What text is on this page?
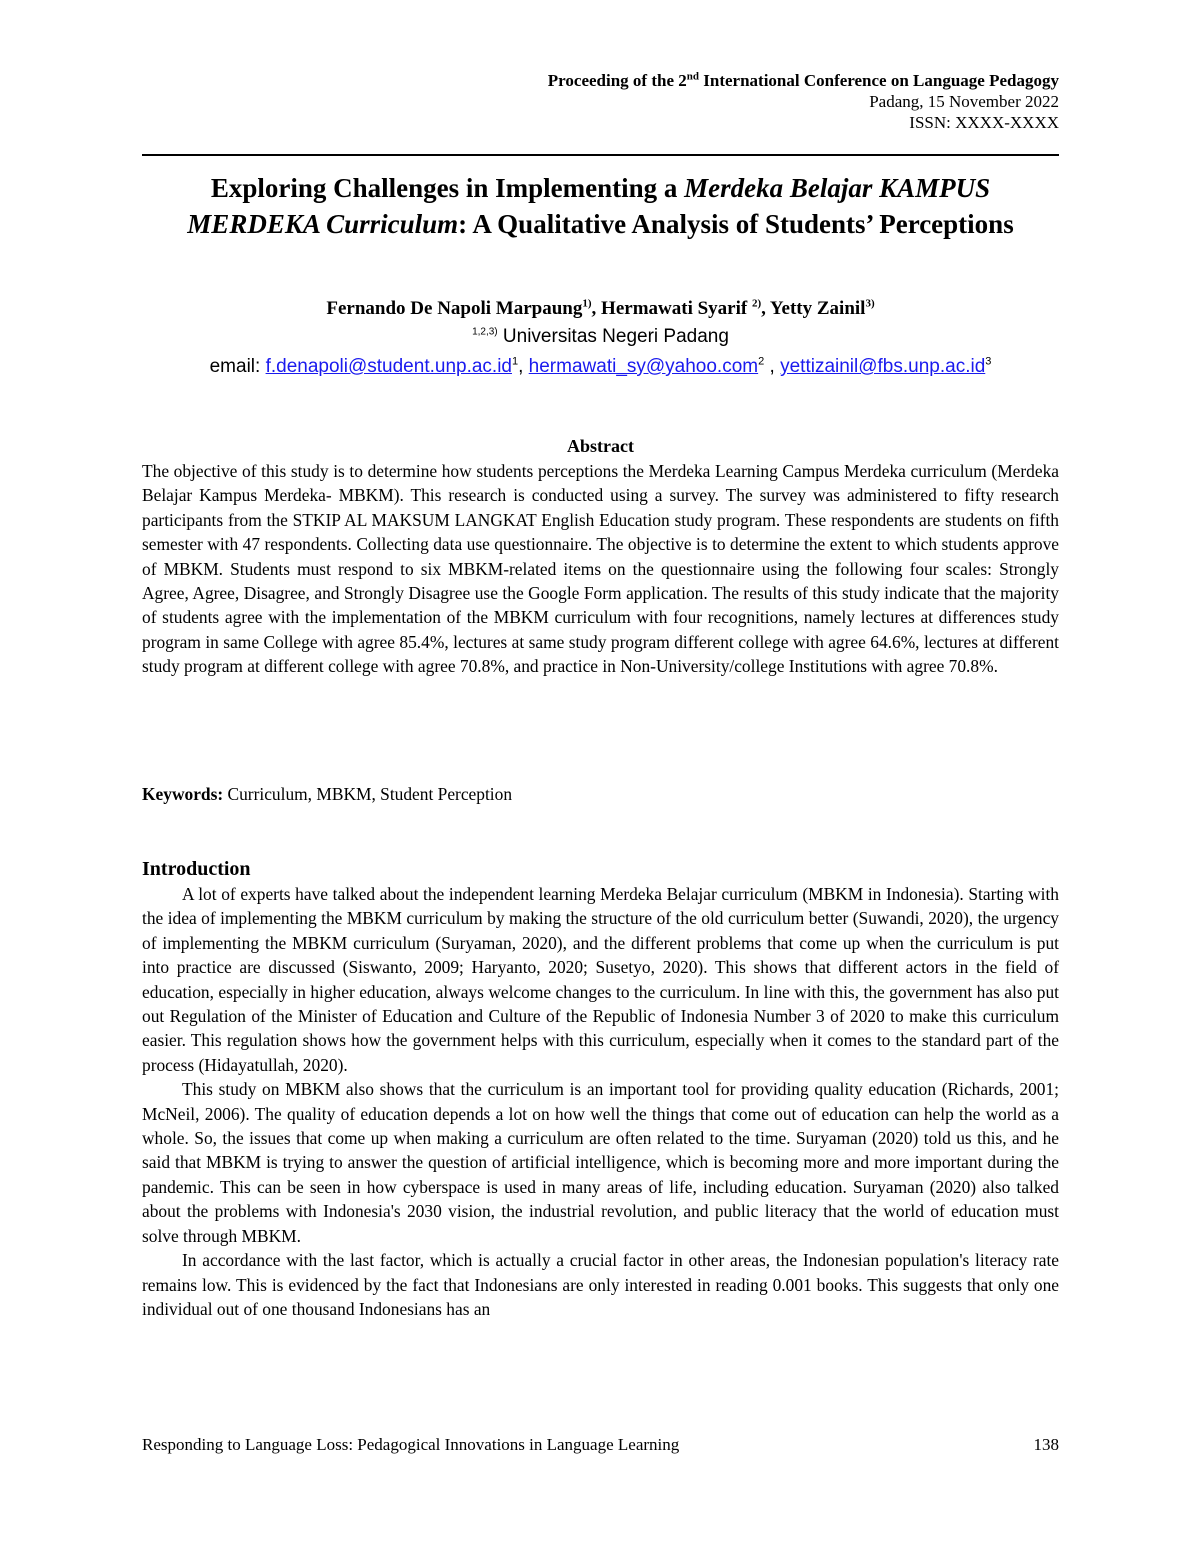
Proceeding of the 2nd International Conference on Language Pedagogy
Padang, 15 November 2022
ISSN: XXXX-XXXX
Exploring Challenges in Implementing a Merdeka Belajar KAMPUS MERDEKA Curriculum: A Qualitative Analysis of Students’ Perceptions
Fernando De Napoli Marpaung$^{1)}$, Hermawati Syarif $^{2)}$, Yetty Zainil$^{3)}$
$^{1,2,3)}$ Universitas Negeri Padang
email: $f.denapoli@student.unp.ac.id^1$, hermawati_sy@yahoo.com$^2$ , $yettizainil@fbs.unp.ac.id^3$
Abstract

The objective of this study is to determine how students perceptions the Merdeka Learning Campus Merdeka curriculum (Merdeka Belajar Kampus Merdeka- MBKM). This research is conducted using a survey. The survey was administered to fifty research participants from the STKIP AL MAKSUM LANGKAT English Education study program. These respondents are students on fifth semester with 47 respondents. Collecting data use questionnaire. The objective is to determine the extent to which students approve of MBKM. Students must respond to six MBKM-related items on the questionnaire using the following four scales: Strongly Agree, Agree, Disagree, and Strongly Disagree use the Google Form application. The results of this study indicate that the majority of students agree with the implementation of the MBKM curriculum with four recognitions, namely lectures at differences study program in same College with agree 85.4%, lectures at same study program different college with agree 64.6%, lectures at different study program at different college with agree 70.8%, and practice in Non-University/college Institutions with agree 70.8%.

Keywords: Curriculum, MBKM, Student Perception
Introduction

A lot of experts have talked about the independent learning Merdeka Belajar curriculum (MBKM in Indonesia). Starting with the idea of implementing the MBKM curriculum by making the structure of the old curriculum better (Suwandi, 2020), the urgency of implementing the MBKM curriculum (Suryaman, 2020), and the different problems that come up when the curriculum is put into practice are discussed (Siswanto, 2009; Haryanto, 2020; Susetyo, 2020). This shows that different actors in the field of education, especially in higher education, always welcome changes to the curriculum. In line with this, the government has also put out Regulation of the Minister of Education and Culture of the Republic of Indonesia Number 3 of 2020 to make this curriculum easier. This regulation shows how the government helps with this curriculum, especially when it comes to the standard part of the process (Hidayatullah, 2020).

This study on MBKM also shows that the curriculum is an important tool for providing quality education (Richards, 2001; McNeil, 2006). The quality of education depends a lot on how well the things that come out of education can help the world as a whole. So, the issues that come up when making a curriculum are often related to the time. Suryaman (2020) told us this, and he said that MBKM is trying to answer the question of artificial intelligence, which is becoming more and more important during the pandemic. This can be seen in how cyberspace is used in many areas of life, including education. Suryaman (2020) also talked about the problems with Indonesia's 2030 vision, the industrial revolution, and public literacy that the world of education must solve through MBKM.

In accordance with the last factor, which is actually a crucial factor in other areas, the Indonesian population's literacy rate remains low. This is evidenced by the fact that Indonesians are only interested in reading 0.001 books. This suggests that only one individual out of one thousand Indonesians has an

Responding to Language Loss: Pedagogical Innovations in Language Learning	138
